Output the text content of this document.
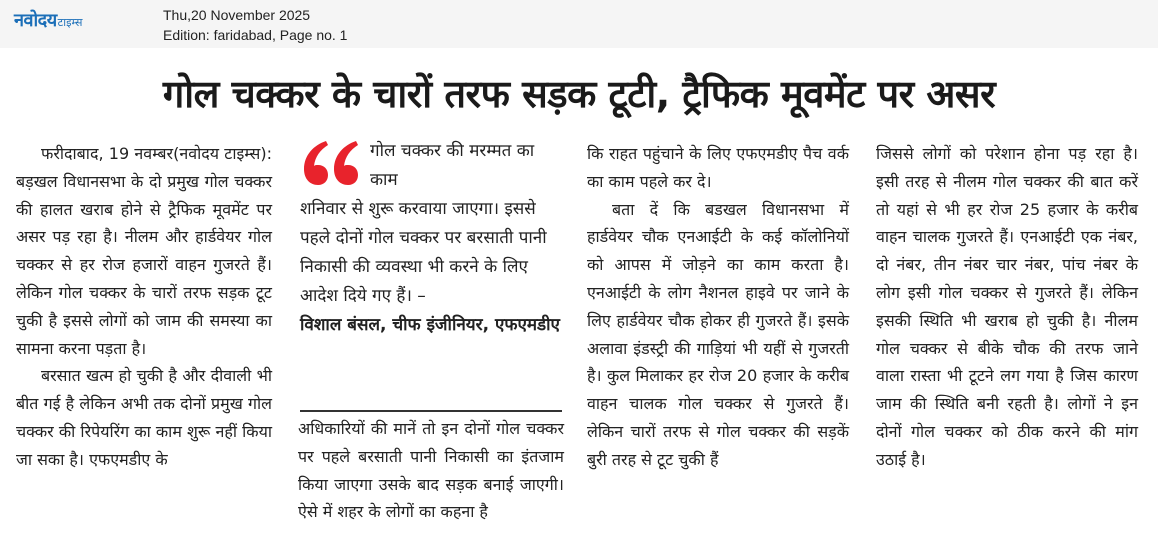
नवोदय टाइम्स	Thu,20 November 2025
Edition: faridabad, Page no. 1
गोल चक्कर के चारों तरफ सड़क टूटी, ट्रैफिक मूवमेंट पर असर

फरीदाबाद, 19 नवम्बर(नवोदय टाइम्स): बड़खल विधानसभा के दो प्रमुख गोल चक्कर की हालत खराब होने से ट्रैफिक मूवमेंट पर असर पड़ रहा है। नीलम और हार्डवेयर गोल चक्कर से हर रोज हजारों वाहन गुजरते हैं। लेकिन गोल चक्कर के चारों तरफ सड़क टूट चुकी है इससे लोगों को जाम की समस्या का सामना करना पड़ता है।

बरसात खत्म हो चुकी है और दीवाली भी बीत गई है लेकिन अभी तक दोनों प्रमुख गोल चक्कर की रिपेयरिंग का काम शुरू नहीं किया जा सका है। एफएमडीए के

गोल चक्कर की मरम्मत का काम
शनिवार से शुरू करवाया जाएगा। इससे पहले दोनों गोल चक्कर पर बरसाती पानी निकासी की व्यवस्था भी करने के लिए आदेश दिये गए हैं। –

विशाल बंसल, चीफ इंजीनियर, एफएमडीए

अधिकारियों की मानें तो इन दोनों गोल चक्कर पर पहले बरसाती पानी निकासी का इंतजाम किया जाएगा उसके बाद सड़क बनाई जाएगी। ऐसे में शहर के लोगों का कहना है

कि राहत पहुंचाने के लिए एफएमडीए पैच वर्क का काम पहले कर दे।

बता दें कि बडखल विधानसभा में हार्डवेयर चौक एनआईटी के कई कॉलोनियों को आपस में जोड़ने का काम करता है। एनआईटी के लोग नैशनल हाइवे पर जाने के लिए हार्डवेयर चौक होकर ही गुजरते हैं। इसके अलावा इंडस्ट्री की गाड़ियां भी यहीं से गुजरती है। कुल मिलाकर हर रोज 20 हजार के करीब वाहन चालक गोल चक्कर से गुजरते हैं। लेकिन चारों तरफ से गोल चक्कर की सड़कें बुरी तरह से टूट चुकी हैं

जिससे लोगों को परेशान होना पड़ रहा है। इसी तरह से नीलम गोल चक्कर की बात करें तो यहां से भी हर रोज 25 हजार के करीब वाहन चालक गुजरते हैं। एनआईटी एक नंबर, दो नंबर, तीन नंबर चार नंबर, पांच नंबर के लोग इसी गोल चक्कर से गुजरते हैं। लेकिन इसकी स्थिति भी खराब हो चुकी है। नीलम गोल चक्कर से बीके चौक की तरफ जाने वाला रास्ता भी टूटने लग गया है जिस कारण जाम की स्थिति बनी रहती है। लोगों ने इन दोनों गोल चक्कर को ठीक करने की मांग उठाई है।
